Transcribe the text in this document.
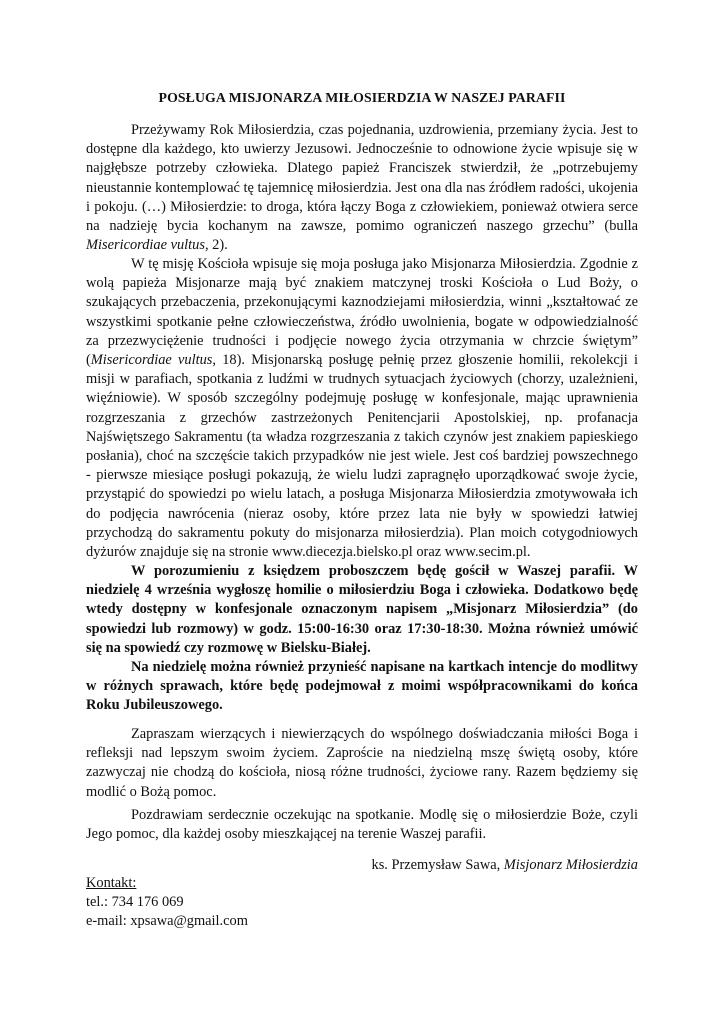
POSŁUGA MISJONARZA MIŁOSIERDZIA W NASZEJ PARAFII

Przeżywamy Rok Miłosierdzia, czas pojednania, uzdrowienia, przemiany życia. Jest to dostępne dla każdego, kto uwierzy Jezusowi. Jednocześnie to odnowione życie wpisuje się w najgłębsze potrzeby człowieka. Dlatego papież Franciszek stwierdził, że „potrzebujemy nieustannie kontemplować tę tajemnicę miłosierdzia. Jest ona dla nas źródłem radości, ukojenia i pokoju. (…) Miłosierdzie: to droga, która łączy Boga z człowiekiem, ponieważ otwiera serce na nadzieję bycia kochanym na zawsze, pomimo ograniczeń naszego grzechu” (bulla Misericordiae vultus, 2).

W tę misję Kościoła wpisuje się moja posługa jako Misjonarza Miłosierdzia. Zgodnie z wolą papieża Misjonarze mają być znakiem matczynej troski Kościoła o Lud Boży, o szukających przebaczenia, przekonującymi kaznodziejami miłosierdzia, winni „kształtować ze wszystkimi spotkanie pełne człowieczeństwa, źródło uwolnienia, bogate w odpowiedzialność za przezwyciężenie trudności i podjęcie nowego życia otrzymania w chrzcie świętym” (Misericordiae vultus, 18). Misjonarską posługę pełnię przez głoszenie homilii, rekolekcji i misji w parafiach, spotkania z ludźmi w trudnych sytuacjach życiowych (chorzy, uzależnieni, więźniowie). W sposób szczególny podejmuję posługę w konfesjonale, mając uprawnienia rozgrzeszania z grzechów zastrzeżonych Penitencjarii Apostolskiej, np. profanacja Najświętszego Sakramentu (ta władza rozgrzeszania z takich czynów jest znakiem papieskiego posłania), choć na szczęście takich przypadków nie jest wiele. Jest coś bardziej powszechnego - pierwsze miesiące posługi pokazują, że wielu ludzi zapragnęło uporządkować swoje życie, przystąpić do spowiedzi po wielu latach, a posługa Misjonarza Miłosierdzia zmotywowała ich do podjęcia nawrócenia (nieraz osoby, które przez lata nie były w spowiedzi łatwiej przychodzą do sakramentu pokuty do misjonarza miłosierdzia). Plan moich cotygodniowych dyżurów znajduje się na stronie www.diecezja.bielsko.pl oraz www.secim.pl.

W porozumieniu z księdzem proboszczem będę gościł w Waszej parafii. W niedzielę 4 września wygłoszę homilie o miłosierdziu Boga i człowieka. Dodatkowo będę wtedy dostępny w konfesjonale oznaczonym napisem „Misjonarz Miłosierdzia” (do spowiedzi lub rozmowy) w godz. 15:00-16:30 oraz 17:30-18:30. Można również umówić się na spowiedź czy rozmowę w Bielsku-Białej.

Na niedzielę można również przynieść napisane na kartkach intencje do modlitwy w różnych sprawach, które będę podejmował z moimi współpracownikami do końca Roku Jubileuszowego.

Zapraszam wierzących i niewierzących do wspólnego doświadczania miłości Boga i refleksji nad lepszym swoim życiem. Zaproście na niedzielną mszę świętą osoby, które zazwyczaj nie chodzą do kościoła, niosą różne trudności, życiowe rany. Razem będziemy się modlić o Bożą pomoc.

Pozdrawiam serdecznie oczekując na spotkanie. Modlę się o miłosierdzie Boże, czyli Jego pomoc, dla każdej osoby mieszkającej na terenie Waszej parafii.

ks. Przemysław Sawa, Misjonarz Miłosierdzia
Kontakt:
tel.: 734 176 069
e-mail: xpsawa@gmail.com
